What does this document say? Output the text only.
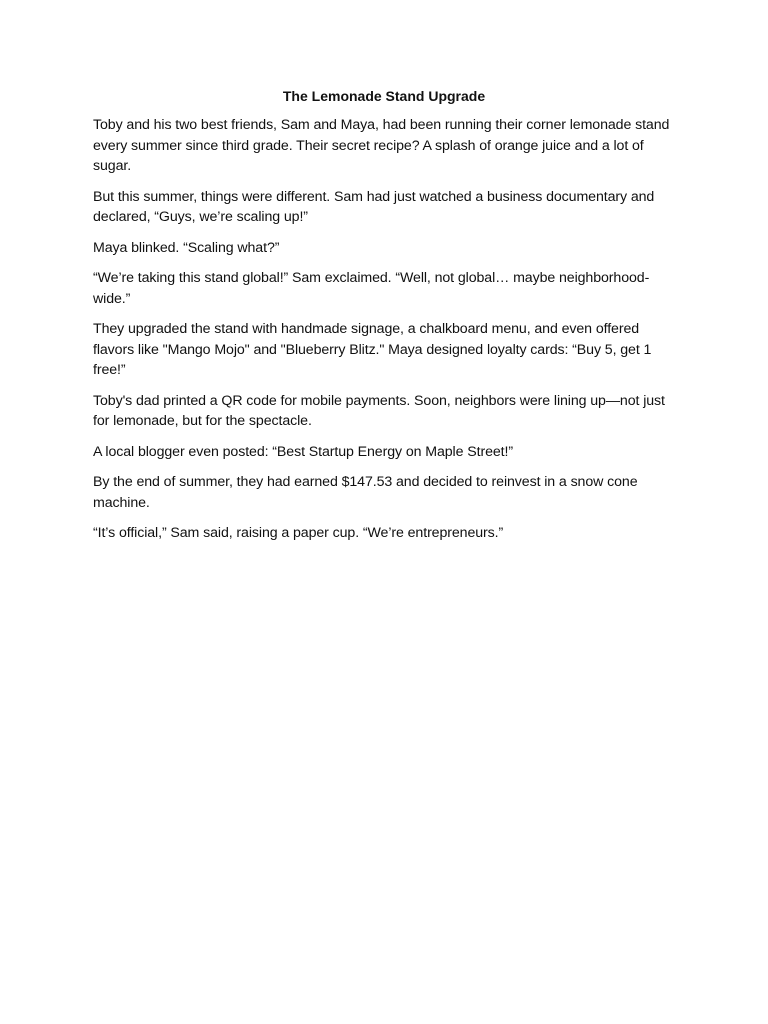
The Lemonade Stand Upgrade

Toby and his two best friends, Sam and Maya, had been running their corner lemonade stand every summer since third grade. Their secret recipe? A splash of orange juice and a lot of sugar.

But this summer, things were different. Sam had just watched a business documentary and declared, “Guys, we’re scaling up!”

Maya blinked. “Scaling what?”

“We’re taking this stand global!” Sam exclaimed. “Well, not global… maybe neighborhood-wide.”

They upgraded the stand with handmade signage, a chalkboard menu, and even offered flavors like "Mango Mojo" and "Blueberry Blitz." Maya designed loyalty cards: “Buy 5, get 1 free!”

Toby's dad printed a QR code for mobile payments. Soon, neighbors were lining up—not just for lemonade, but for the spectacle.

A local blogger even posted: “Best Startup Energy on Maple Street!”

By the end of summer, they had earned $147.53 and decided to reinvest in a snow cone machine.

“It’s official,” Sam said, raising a paper cup. “We’re entrepreneurs.”
